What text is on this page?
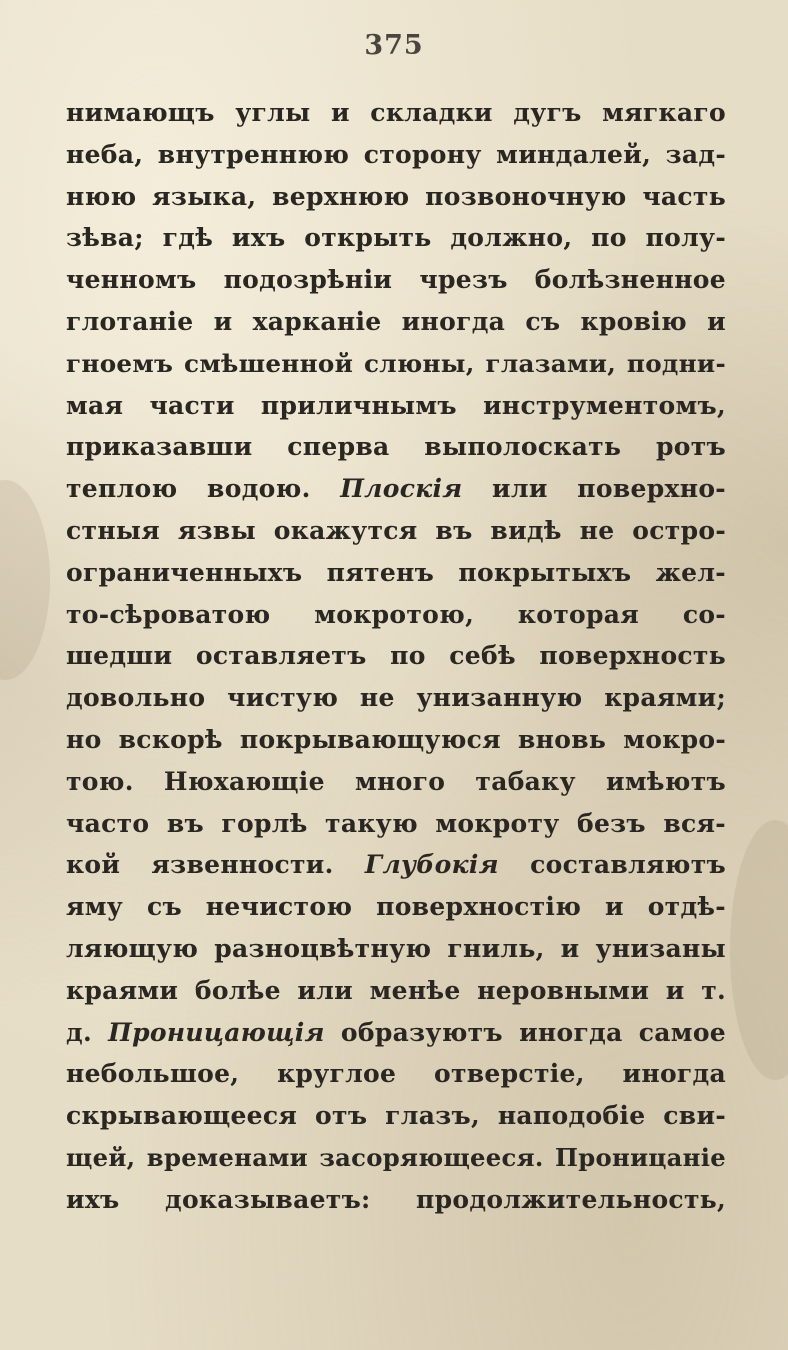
375
нимающъ углы и складки дугъ мягкаго
неба, внутреннюю сторону миндалей, зад-
нюю языка, верхнюю позвоночную часть
зѣва; гдѣ ихъ открыть должно, по полу-
ченномъ подозрѣніи чрезъ болѣзненное
глотаніе и харканіе иногда съ кровію и
гноемъ смѣшенной слюны, глазами, подни-
мая части приличнымъ инструментомъ,
приказавши сперва выполоскать ротъ
теплою водою. Плоскія или поверхно-
стныя язвы окажутся въ видѣ не остро-
ограниченныхъ пятенъ покрытыхъ жел-
то-сѣроватою мокротою, которая со-
шедши оставляетъ по себѣ поверхность
довольно чистую не унизанную краями;
но вскорѣ покрывающуюся вновь мокро-
тою. Нюхающіе много табаку имѣютъ
часто въ горлѣ такую мокроту безъ вся-
кой язвенности. Глубокія составляютъ
яму съ нечистою поверхностію и отдѣ-
ляющую разноцвѣтную гниль, и унизаны
краями болѣе или менѣе неровными и т.
д. Проницающія образуютъ иногда самое
небольшое, круглое отверстіе, иногда
скрывающееся отъ глазъ, наподобіе сви-
щей, временами засоряющееся. Проницаніе
ихъ доказываетъ: продолжительность,
